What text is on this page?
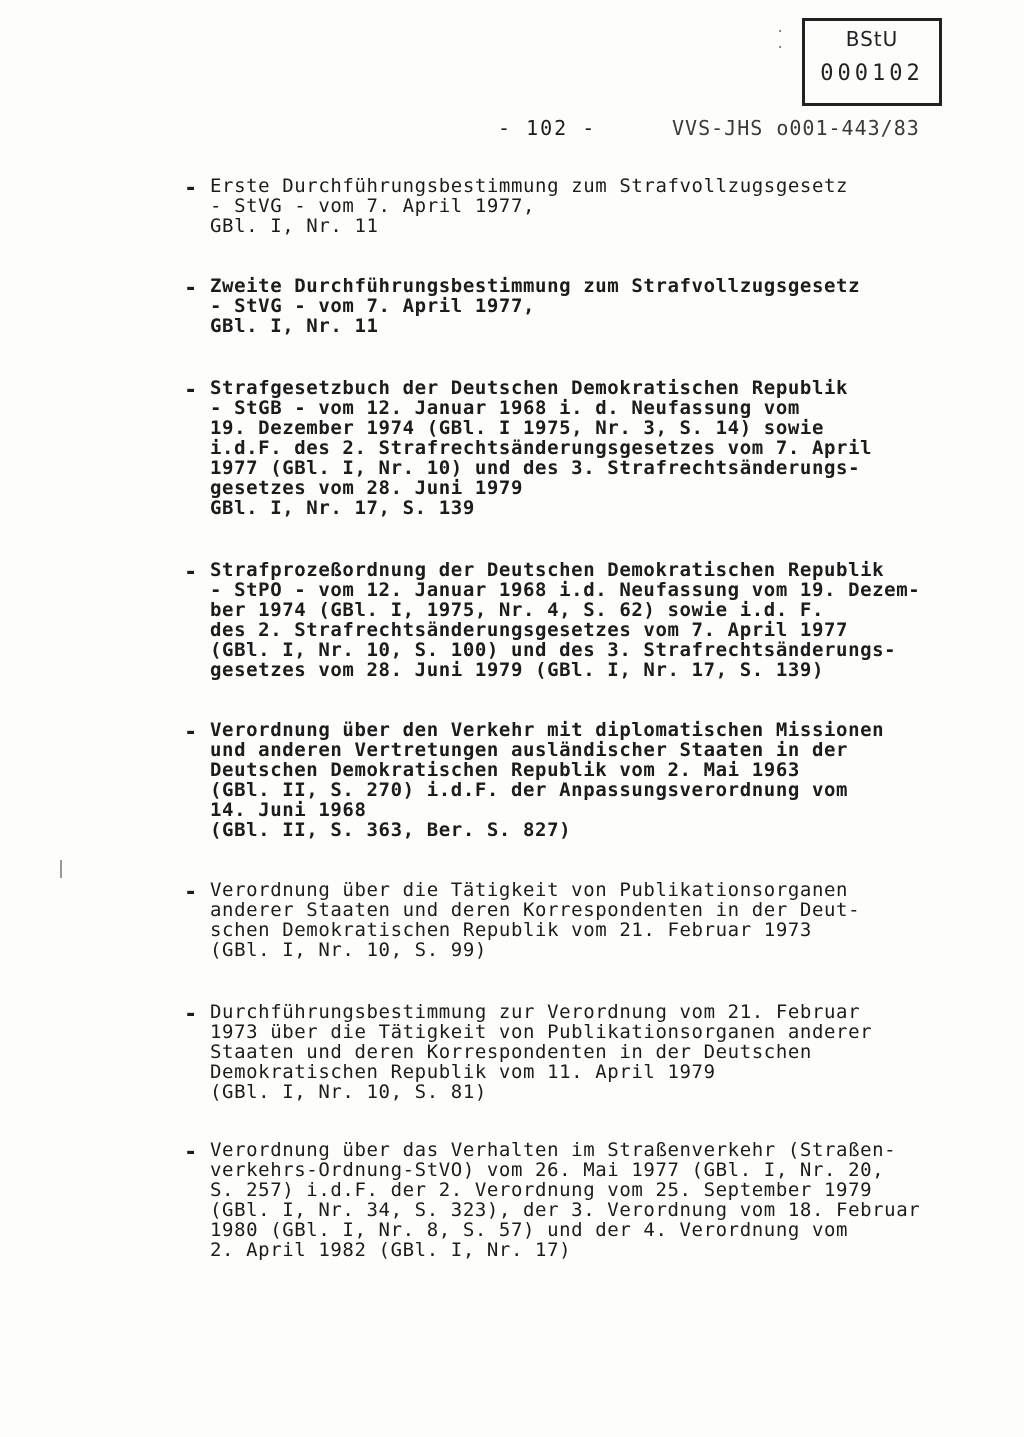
·
·	BStU
000102
- 102 -	VVS-JHS o001-443/83
- Erste Durchführungsbestimmung zum Strafvollzugsgesetz
- StVG - vom 7. April 1977,
GBl. I, Nr. 11
- Zweite Durchführungsbestimmung zum Strafvollzugsgesetz
- StVG - vom 7. April 1977,
GBl. I, Nr. 11
- Strafgesetzbuch der Deutschen Demokratischen Republik
- StGB - vom 12. Januar 1968 i. d. Neufassung vom
19. Dezember 1974 (GBl. I 1975, Nr. 3, S. 14) sowie
i.d.F. des 2. Strafrechtsänderungsgesetzes vom 7. April
1977 (GBl. I, Nr. 10) und des 3. Strafrechtsänderungs-
gesetzes vom 28. Juni 1979
GBl. I, Nr. 17, S. 139
- Strafprozeßordnung der Deutschen Demokratischen Republik
- StPO - vom 12. Januar 1968 i.d. Neufassung vom 19. Dezem-
ber 1974 (GBl. I, 1975, Nr. 4, S. 62) sowie i.d. F.
des 2. Strafrechtsänderungsgesetzes vom 7. April 1977
(GBl. I, Nr. 10, S. 100) und des 3. Strafrechtsänderungs-
gesetzes vom 28. Juni 1979 (GBl. I, Nr. 17, S. 139)
- Verordnung über den Verkehr mit diplomatischen Missionen
und anderen Vertretungen ausländischer Staaten in der
Deutschen Demokratischen Republik vom 2. Mai 1963
(GBl. II, S. 270) i.d.F. der Anpassungsverordnung vom
14. Juni 1968
(GBl. II, S. 363, Ber. S. 827)
- Verordnung über die Tätigkeit von Publikationsorganen
anderer Staaten und deren Korrespondenten in der Deut-
schen Demokratischen Republik vom 21. Februar 1973
(GBl. I, Nr. 10, S. 99)
- Durchführungsbestimmung zur Verordnung vom 21. Februar
1973 über die Tätigkeit von Publikationsorganen anderer
Staaten und deren Korrespondenten in der Deutschen
Demokratischen Republik vom 11. April 1979
(GBl. I, Nr. 10, S. 81)
- Verordnung über das Verhalten im Straßenverkehr (Straßen-
verkehrs-Ordnung-StVO) vom 26. Mai 1977 (GBl. I, Nr. 20,
S. 257) i.d.F. der 2. Verordnung vom 25. September 1979
(GBl. I, Nr. 34, S. 323), der 3. Verordnung vom 18. Februar
1980 (GBl. I, Nr. 8, S. 57) und der 4. Verordnung vom
2. April 1982 (GBl. I, Nr. 17)
